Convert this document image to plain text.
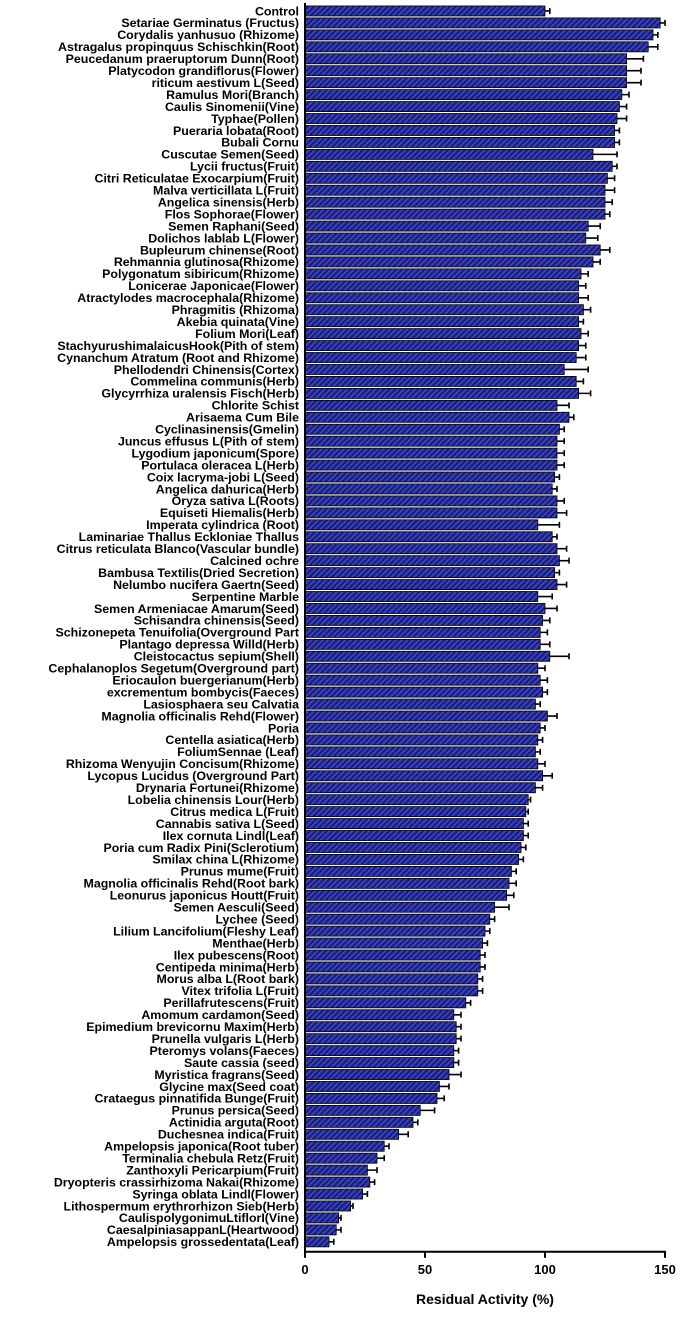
Control
Setariae Germinatus (Fructus)
Corydalis yanhusuo (Rhizome)
Astragalus propinquus Schischkin(Root)
Peucedanum praeruptorum Dunn(Root)
Platycodon grandiflorus(Flower)
riticum aestivum L(Seed)
Ramulus Mori(Branch)
Caulis Sinomenii(Vine)
Typhae(Pollen)
Pueraria lobata(Root)
Bubali Cornu
Cuscutae Semen(Seed)
Lycii fructus(Fruit)
Citri Reticulatae Exocarpium(Fruit)
Malva verticillata L(Fruit)
Angelica sinensis(Herb)
Flos Sophorae(Flower)
Semen Raphani(Seed)
Dolichos lablab L(Flower)
Bupleurum chinense(Root)
Rehmannia glutinosa(Rhizome)
Polygonatum sibiricum(Rhizome)
Lonicerae Japonicae(Flower)
Atractylodes macrocephala(Rhizome)
Phragmitis (Rhizoma)
Akebia quinata(Vine)
Folium Mori(Leaf)
StachyurushimalaicusHook(Pith of stem)
Cynanchum Atratum (Root and Rhizome)
Phellodendri Chinensis(Cortex)
Commelina communis(Herb)
Glycyrrhiza uralensis Fisch(Herb)
Chlorite Schist
Arisaema Cum Bile
Cyclinasinensis(Gmelin)
Juncus effusus L(Pith of stem)
Lygodium japonicum(Spore)
Portulaca oleracea L(Herb)
Coix lacryma-jobi L(Seed)
Angelica dahurica(Herb)
Oryza sativa L(Roots)
Equiseti Hiemalis(Herb)
Imperata cylindrica (Root)
Laminariae Thallus Eckloniae Thallus
Citrus reticulata Blanco(Vascular bundle)
Calcined ochre
Bambusa Textilis(Dried Secretion)
Nelumbo nucifera Gaertn(Seed)
Serpentine Marble
Semen Armeniacae Amarum(Seed)
Schisandra chinensis(Seed)
Schizonepeta Tenuifolia(Overground Part
Plantago depressa Willd(Herb)
Cleistocactus sepium(Shell)
Cephalanoplos Segetum(Overground part)
Eriocaulon buergerianum(Herb)
excrementum bombycis(Faeces)
Lasiosphaera seu Calvatia
Magnolia officinalis Rehd(Flower)
Poria
Centella asiatica(Herb)
FoliumSennae (Leaf)
Rhizoma Wenyujin Concisum(Rhizome)
Lycopus Lucidus (Overground Part)
Drynaria Fortunei(Rhizome)
Lobelia chinensis Lour(Herb)
Citrus medica L(Fruit)
Cannabis sativa L(Seed)
Ilex cornuta Lindl(Leaf)
Poria cum Radix Pini(Sclerotium)
Smilax china L(Rhizome)
Prunus mume(Fruit)
Magnolia officinalis Rehd(Root bark)
Leonurus japonicus Houtt(Fruit)
Semen Aesculi(Seed)
Lychee (Seed)
Lilium Lancifolium(Fleshy Leaf)
Menthae(Herb)
Ilex pubescens(Root)
Centipeda minima(Herb)
Morus alba L(Root bark)
Vitex trifolia L(Fruit)
Perillafrutescens(Fruit)
Amomum cardamon(Seed)
Epimedium brevicornu Maxim(Herb)
Prunella vulgaris L(Herb)
Pteromys volans(Faeces)
Saute cassia (seed)
Myristica fragrans(Seed)
Glycine max(Seed coat)
Crataegus pinnatifida Bunge(Fruit)
Prunus persica(Seed)
Actinidia arguta(Root)
Duchesnea indica(Fruit)
Ampelopsis japonica(Root tuber)
Terminalia chebula Retz(Fruit)
Zanthoxyli Pericarpium(Fruit)
Dryopteris crassirhizoma Nakai(Rhizome)
Syringa oblata Lindl(Flower)
Lithospermum erythrorhizon Sieb(Herb)
CaulispolygonimuLtiflorI(Vine)
CaesalpiniasappanL(Heartwood)
Ampelopsis grossedentata(Leaf)
0	50	100	150
Residual Activity (%)
